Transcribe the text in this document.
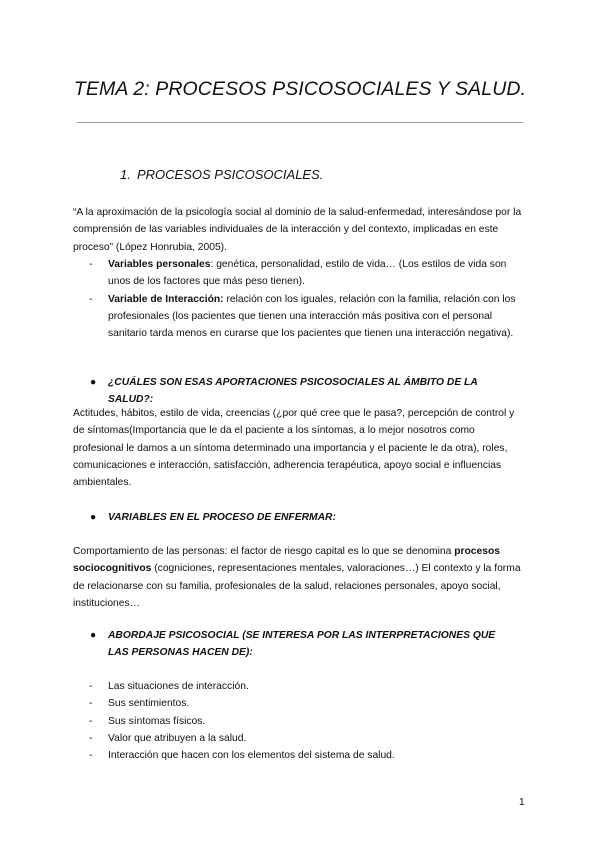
TEMA 2: PROCESOS PSICOSOCIALES Y SALUD.
1. PROCESOS PSICOSOCIALES.

“A la aproximación de la psicología social al dominio de la salud-enfermedad, interesándose por la comprensión de las variables individuales de la interacción y del contexto, implicadas en este proceso” (López Honrubia, 2005).

- Variables personales: genética, personalidad, estilo de vida… (Los estilos de vida son unos de los factores que más peso tienen).
- Variable de Interacción: relación con los iguales, relación con la familia, relación con los profesionales (los pacientes que tienen una interacción más positiva con el personal sanitario tarda menos en curarse que los pacientes que tienen una interacción negativa).

●	¿CUÁLES SON ESAS APORTACIONES PSICOSOCIALES AL ÁMBITO DE LA SALUD?:

Actitudes, hábitos, estilo de vida, creencias (¿por qué cree que le pasa?, percepción de control y de síntomas(Importancia que le da el paciente a los síntomas, a lo mejor nosotros como profesional le damos a un síntoma determinado una importancia y el paciente le da otra), roles, comunicaciones e interacción, satisfacción, adherencia terapéutica, apoyo social e influencias ambientales.

●	VARIABLES EN EL PROCESO DE ENFERMAR:

Comportamiento de las personas: el factor de riesgo capital es lo que se denomina procesos sociocognitivos (cogniciones, representaciones mentales, valoraciones…) El contexto y la forma de relacionarse con su familia, profesionales de la salud, relaciones personales, apoyo social, instituciones…

●	ABORDAJE PSICOSOCIAL (SE INTERESA POR LAS INTERPRETACIONES QUE LAS PERSONAS HACEN DE):

- Las situaciones de interacción.
- Sus sentimientos.
- Sus síntomas físicos.
- Valor que atribuyen a la salud.
- Interacción que hacen con los elementos del sistema de salud.
1
